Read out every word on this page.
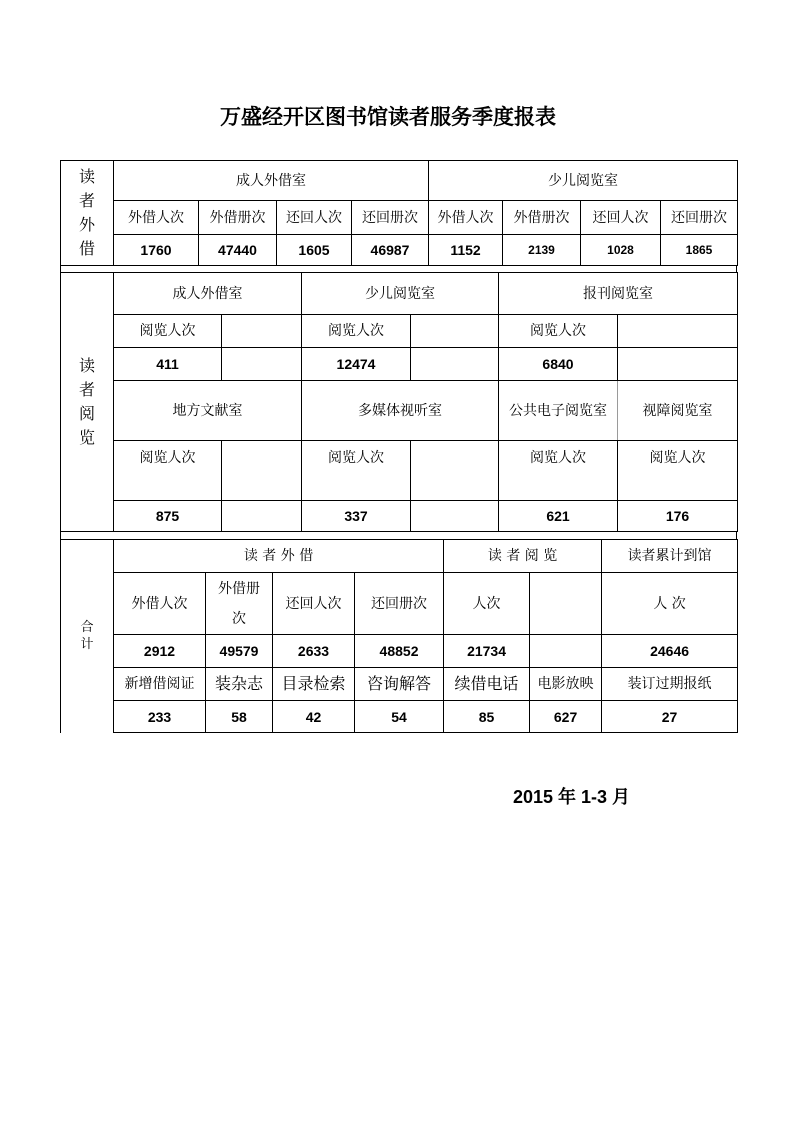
万盛经开区图书馆读者服务季度报表
读者外借	成人外借室				少儿阅览室			
	外借人次	外借册次	还回人次	还回册次	外借人次	外借册次	还回人次	还回册次
	1760	47440	1605	46987	1152	2139	1028	1865
读者阅览	成人外借室		少儿阅览室		报刊阅览室	
	阅览人次		阅览人次		阅览人次	
	411		12474		6840	
	地方文献室		多媒体视听室		公共电子阅览室	视障阅览室
	阅览人次		阅览人次		阅览人次	阅览人次
	875		337		621	176
合计	读 者 外 借				读 者 阅 览		读者累计到馆
	外借人次	外借册次	还回人次	还回册次	人次		人 次
	2912	49579	2633	48852	21734		24646
	新增借阅证	装杂志	目录检索	咨询解答	续借电话	电影放映	装订过期报纸
	233	58	42	54	85	627	27
2015 年 1-3 月
